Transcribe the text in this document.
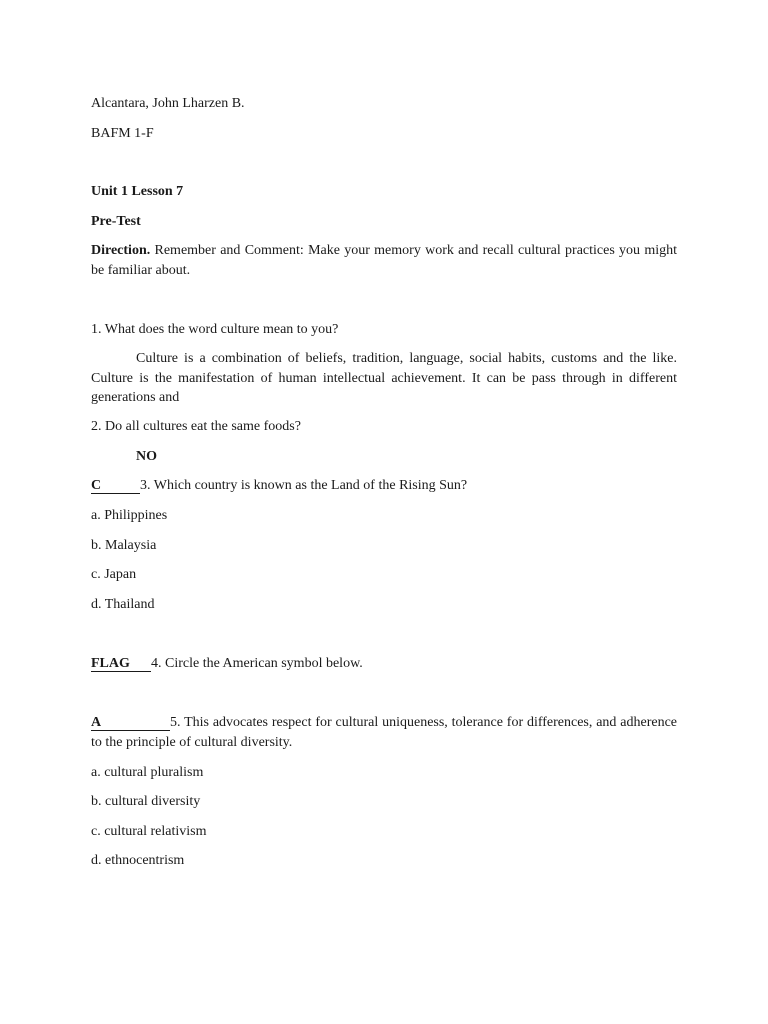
Alcantara, John Lharzen B.
BAFM 1-F
Unit 1 Lesson 7
Pre-Test
Direction. Remember and Comment: Make your memory work and recall cultural practices you might be familiar about.
1. What does the word culture mean to you?
Culture is a combination of beliefs, tradition, language, social habits, customs and the like. Culture is the manifestation of human intellectual achievement. It can be pass through in different generations and
2. Do all cultures eat the same foods?
NO
C	3. Which country is known as the Land of the Rising Sun?
a. Philippines
b. Malaysia
c. Japan
d. Thailand
FLAG	4. Circle the American symbol below.
A	5. This advocates respect for cultural uniqueness, tolerance for differences, and adherence to the principle of cultural diversity.
a. cultural pluralism
b. cultural diversity
c. cultural relativism
d. ethnocentrism
